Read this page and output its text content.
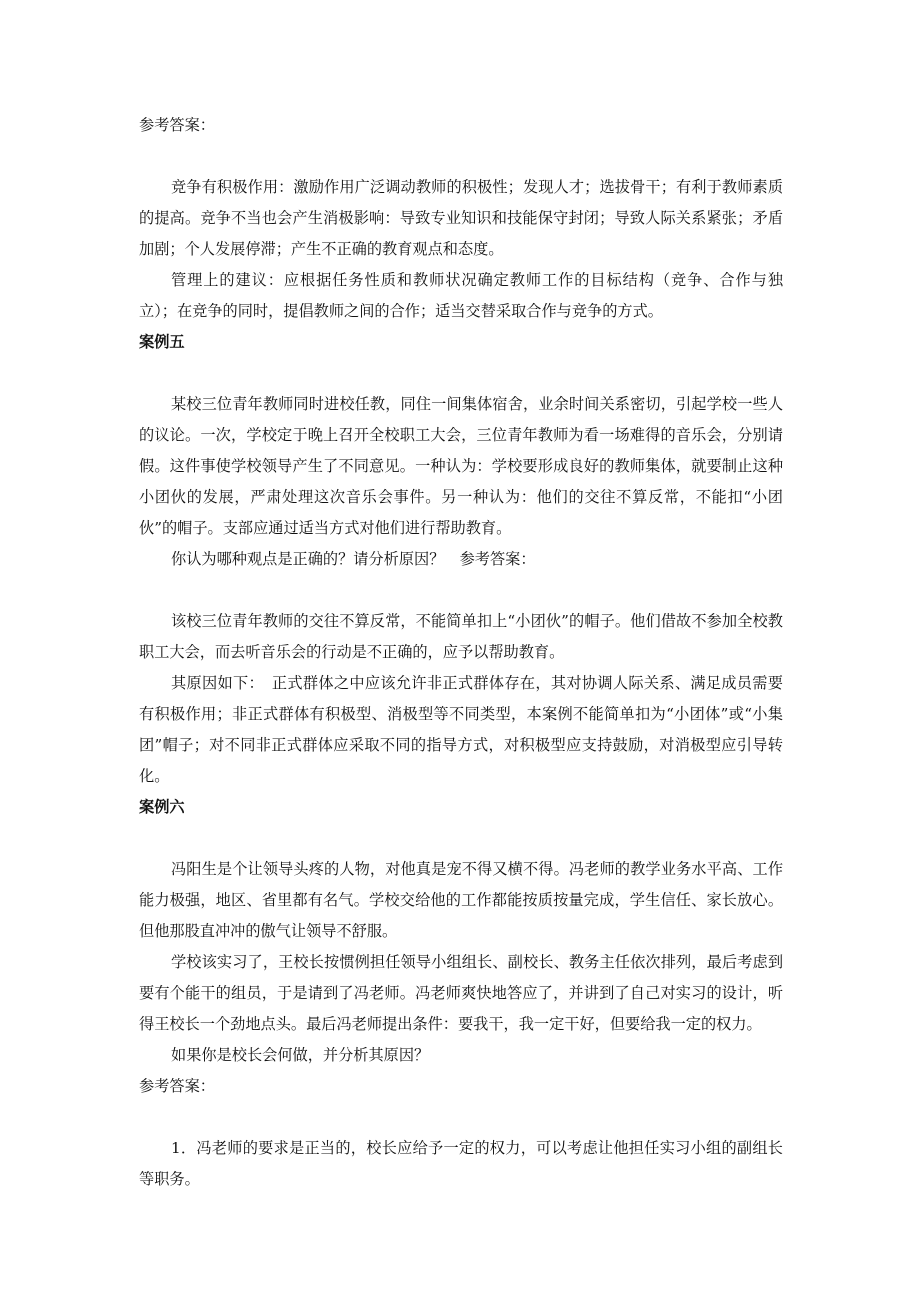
参考答案：

竞争有积极作用：激励作用广泛调动教师的积极性；发现人才；选拔骨干；有利于教师素质的提高。竞争不当也会产生消极影响：导致专业知识和技能保守封闭；导致人际关系紧张；矛盾加剧；个人发展停滞；产生不正确的教育观点和态度。

管理上的建议：应根据任务性质和教师状况确定教师工作的目标结构（竞争、合作与独立）；在竞争的同时，提倡教师之间的合作；适当交替采取合作与竞争的方式。

案例五

某校三位青年教师同时进校任教，同住一间集体宿舍，业余时间关系密切，引起学校一些人的议论。一次，学校定于晚上召开全校职工大会，三位青年教师为看一场难得的音乐会，分别请假。这件事使学校领导产生了不同意见。一种认为：学校要形成良好的教师集体，就要制止这种小团伙的发展，严肃处理这次音乐会事件。另一种认为：他们的交往不算反常，不能扣“小团伙”的帽子。支部应通过适当方式对他们进行帮助教育。

你认为哪种观点是正确的？请分析原因？　参考答案：

该校三位青年教师的交往不算反常，不能简单扣上“小团伙”的帽子。他们借故不参加全校教职工大会，而去听音乐会的行动是不正确的，应予以帮助教育。

其原因如下：　正式群体之中应该允许非正式群体存在，其对协调人际关系、满足成员需要有积极作用；非正式群体有积极型、消极型等不同类型，本案例不能简单扣为“小团体”或“小集团”帽子；对不同非正式群体应采取不同的指导方式，对积极型应支持鼓励，对消极型应引导转化。

案例六

冯阳生是个让领导头疼的人物，对他真是宠不得又横不得。冯老师的教学业务水平高、工作能力极强，地区、省里都有名气。学校交给他的工作都能按质按量完成，学生信任、家长放心。但他那股直冲冲的傲气让领导不舒服。

学校该实习了，王校长按惯例担任领导小组组长、副校长、教务主任依次排列，最后考虑到要有个能干的组员，于是请到了冯老师。冯老师爽快地答应了，并讲到了自己对实习的设计，听得王校长一个劲地点头。最后冯老师提出条件：要我干，我一定干好，但要给我一定的权力。

如果你是校长会何做，并分析其原因？

参考答案：

1．冯老师的要求是正当的，校长应给予一定的权力，可以考虑让他担任实习小组的副组长等职务。
